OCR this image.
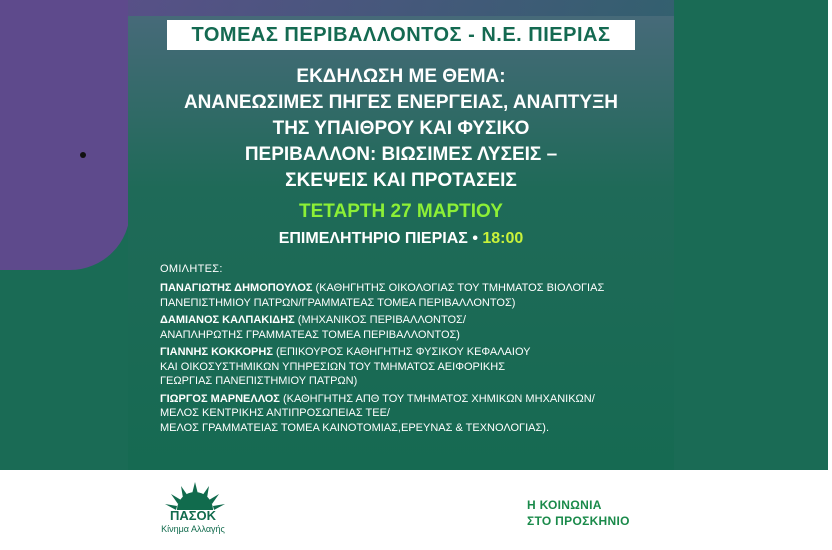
ΤΟΜΕΑΣ ΠΕΡΙΒΑΛΛΟΝΤΟΣ - Ν.Ε. ΠΙΕΡΙΑΣ
ΕΚΔΗΛΩΣΗ ΜΕ ΘΕΜΑ:
ΑΝΑΝΕΩΣΙΜΕΣ ΠΗΓΕΣ ΕΝΕΡΓΕΙΑΣ, ΑΝΑΠΤΥΞΗ
ΤΗΣ ΥΠΑΙΘΡΟΥ ΚΑΙ ΦΥΣΙΚΟ
ΠΕΡΙΒΑΛΛΟΝ: ΒΙΩΣΙΜΕΣ ΛΥΣΕΙΣ –
ΣΚΕΨΕΙΣ ΚΑΙ ΠΡΟΤΑΣΕΙΣ
ΤΕΤΑΡΤΗ 27 ΜΑΡΤΙΟΥ
ΕΠΙΜΕΛΗΤΗΡΙΟ ΠΙΕΡΙΑΣ • 18:00
ΟΜΙΛΗΤΕΣ:
ΠΑΝΑΓΙΩΤΗΣ ΔΗΜΟΠΟΥΛΟΣ (ΚΑΘΗΓΗΤΗΣ ΟΙΚΟΛΟΓΙΑΣ ΤΟΥ ΤΜΗΜΑΤΟΣ ΒΙΟΛΟΓΙΑΣ
ΠΑΝΕΠΙΣΤΗΜΙΟΥ ΠΑΤΡΩΝ/ΓΡΑΜΜΑΤΕΑΣ ΤΟΜΕΑ ΠΕΡΙΒΑΛΛΟΝΤΟΣ)
ΔΑΜΙΑΝΟΣ ΚΑΛΠΑΚΙΔΗΣ (ΜΗΧΑΝΙΚΟΣ ΠΕΡΙΒΑΛΛΟΝΤΟΣ/
ΑΝΑΠΛΗΡΩΤΗΣ ΓΡΑΜΜΑΤΕΑΣ ΤΟΜΕΑ ΠΕΡΙΒΑΛΛΟΝΤΟΣ)
ΓΙΑΝΝΗΣ ΚΟΚΚΟΡΗΣ (ΕΠΙΚΟΥΡΟΣ ΚΑΘΗΓΗΤΗΣ ΦΥΣΙΚΟΥ ΚΕΦΑΛΑΙΟΥ
ΚΑΙ ΟΙΚΟΣΥΣΤΗΜΙΚΩΝ ΥΠΗΡΕΣΙΩΝ ΤΟΥ ΤΜΗΜΑΤΟΣ ΑΕΙΦΟΡΙΚΗΣ
ΓΕΩΡΓΙΑΣ ΠΑΝΕΠΙΣΤΗΜΙΟΥ ΠΑΤΡΩΝ)
ΓΙΩΡΓΟΣ ΜΑΡΝΕΛΛΟΣ (ΚΑΘΗΓΗΤΗΣ ΑΠΘ ΤΟΥ ΤΜΗΜΑΤΟΣ ΧΗΜΙΚΩΝ ΜΗΧΑΝΙΚΩΝ/
ΜΕΛΟΣ ΚΕΝΤΡΙΚΗΣ ΑΝΤΙΠΡΟΣΩΠΕΙΑΣ ΤΕΕ/
ΜΕΛΟΣ ΓΡΑΜΜΑΤΕΙΑΣ ΤΟΜΕΑ ΚΑΙΝΟΤΟΜΙΑΣ,ΕΡΕΥΝΑΣ & ΤΕΧΝΟΛΟΓΙΑΣ).
ΠΑΣΟΚ
Κίνημα Αλλαγής
Η ΚΟΙΝΩΝΙΑ
ΣΤΟ ΠΡΟΣΚΗΝΙΟ
